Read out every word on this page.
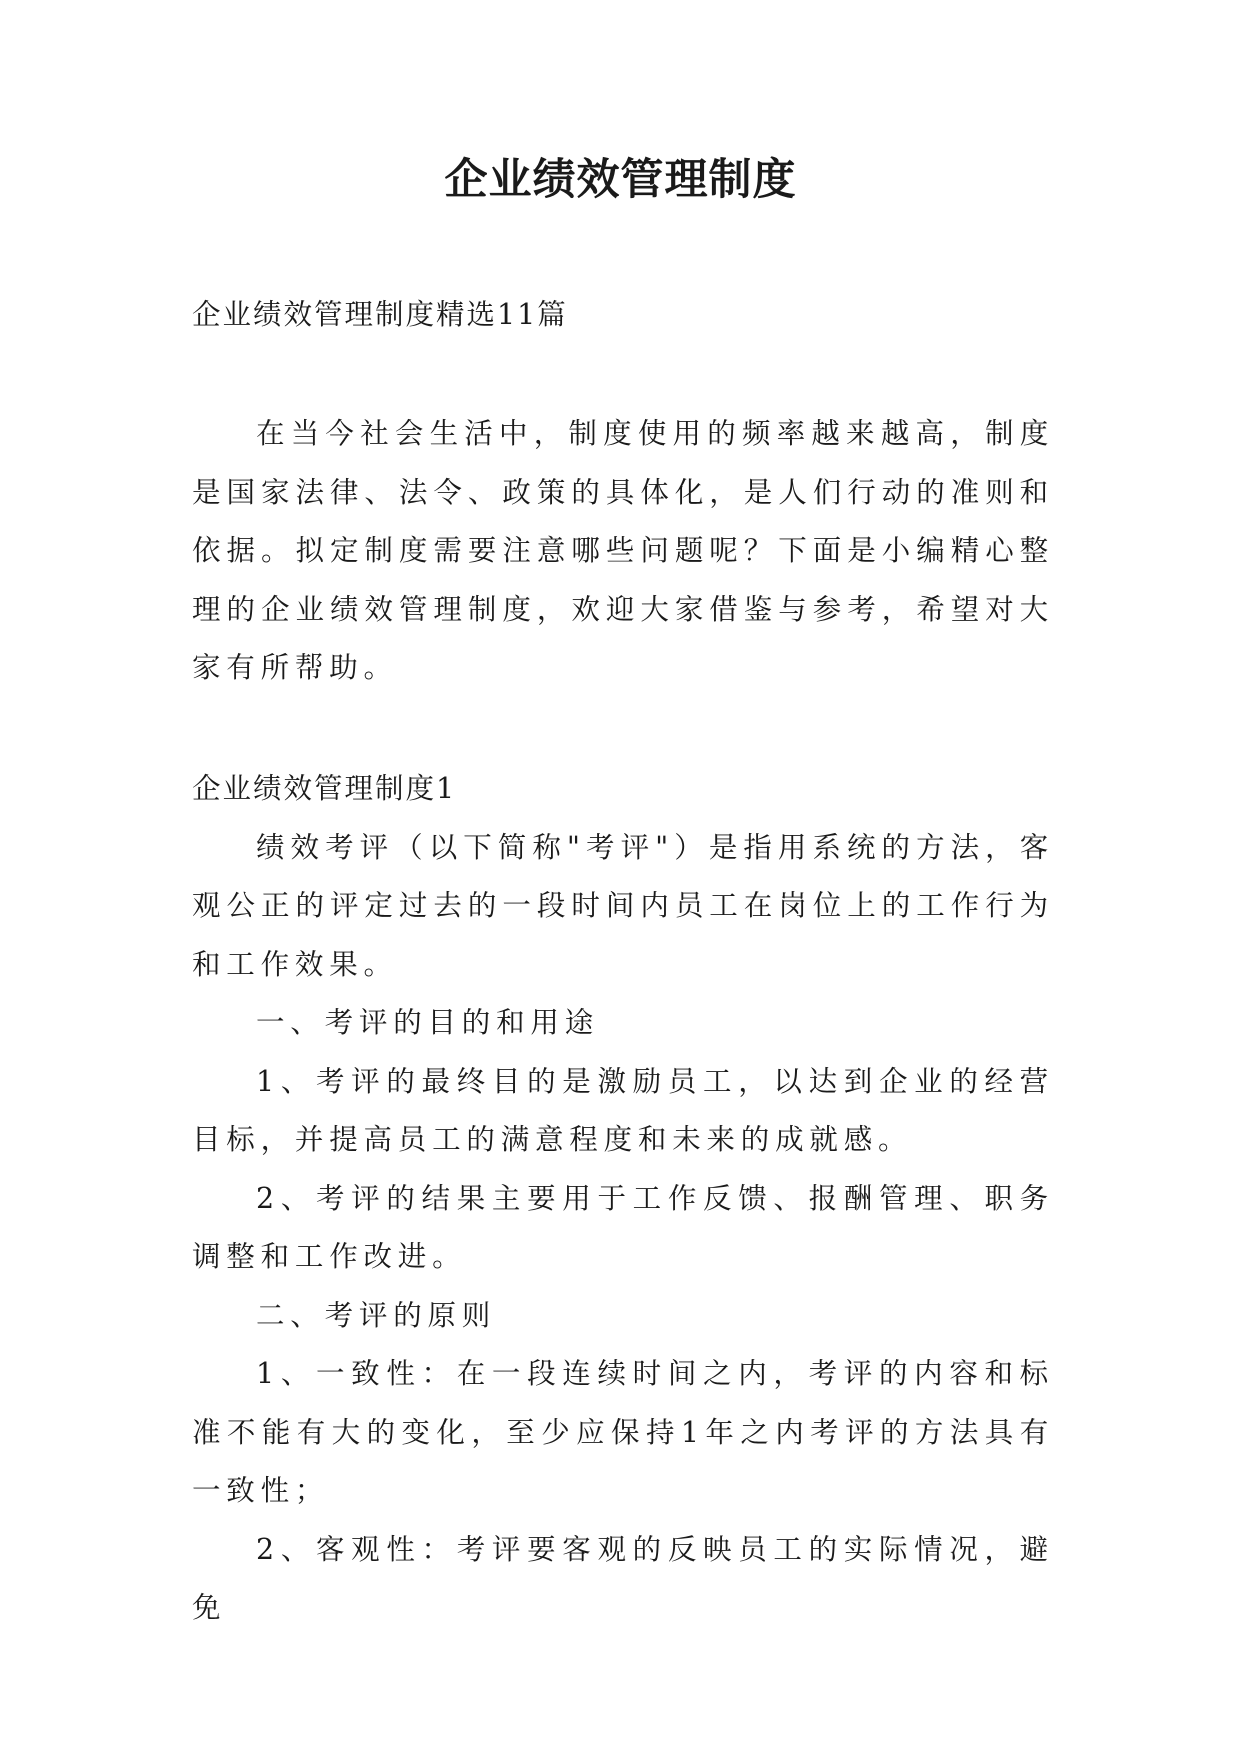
企业绩效管理制度
企业绩效管理制度精选11篇

在当今社会生活中，制度使用的频率越来越高，制度是国家法律、法令、政策的具体化，是人们行动的准则和依据。拟定制度需要注意哪些问题呢？下面是小编精心整理的企业绩效管理制度，欢迎大家借鉴与参考，希望对大家有所帮助。

企业绩效管理制度1

绩效考评（以下简称"考评"）是指用系统的方法，客观公正的评定过去的一段时间内员工在岗位上的工作行为和工作效果。

一、考评的目的和用途

1、考评的最终目的是激励员工，以达到企业的经营目标，并提高员工的满意程度和未来的成就感。

2、考评的结果主要用于工作反馈、报酬管理、职务调整和工作改进。

二、考评的原则

1、一致性：在一段连续时间之内，考评的内容和标准不能有大的变化，至少应保持1年之内考评的方法具有一致性；

2、客观性：考评要客观的反映员工的实际情况，避免
